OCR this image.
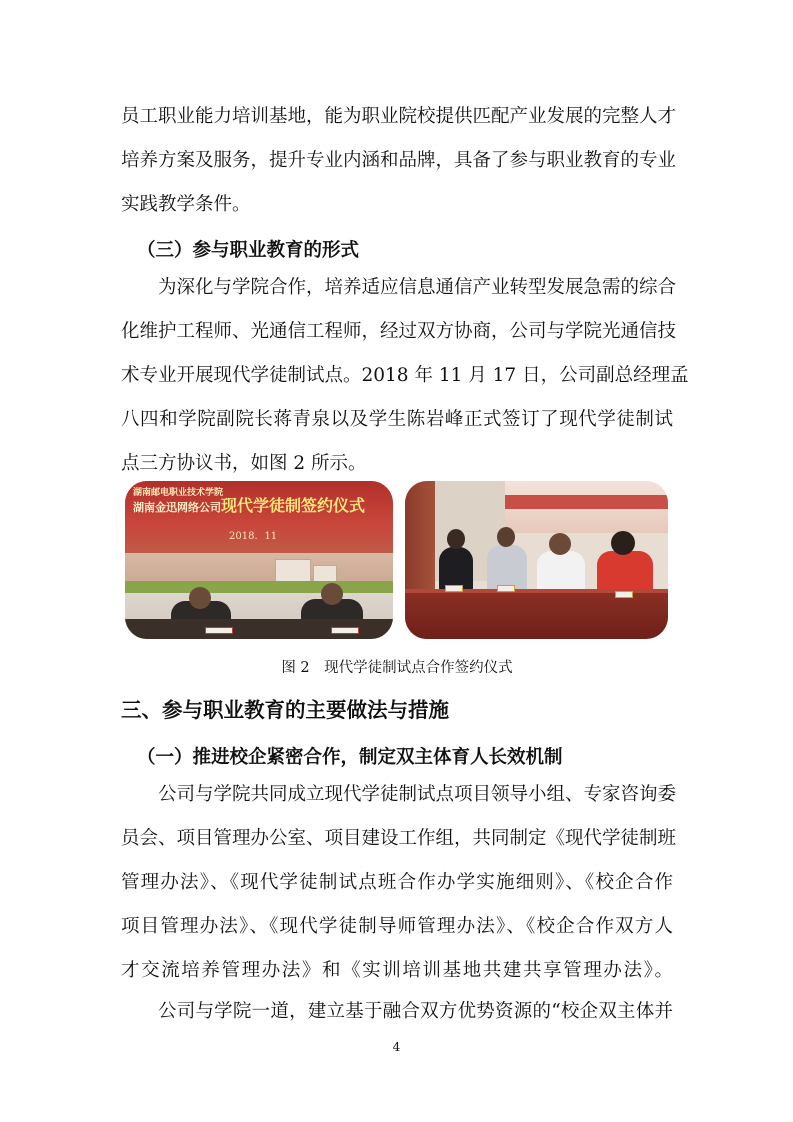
员工职业能力培训基地，能为职业院校提供匹配产业发展的完整人才
培养方案及服务，提升专业内涵和品牌，具备了参与职业教育的专业
实践教学条件。
（三）参与职业教育的形式
为深化与学院合作，培养适应信息通信产业转型发展急需的综合
化维护工程师、光通信工程师，经过双方协商，公司与学院光通信技
术专业开展现代学徒制试点。2018 年 11 月 17 日，公司副总经理孟
八四和学院副院长蒋青泉以及学生陈岩峰正式签订了现代学徒制试
点三方协议书，如图 2 所示。
湖南邮电职业技术学院
湖南金迅网络公司 现代学徒制签约仪式
2018．11
图 2　现代学徒制试点合作签约仪式
三、参与职业教育的主要做法与措施
（一）推进校企紧密合作，制定双主体育人长效机制
公司与学院共同成立现代学徒制试点项目领导小组、专家咨询委
员会、项目管理办公室、项目建设工作组，共同制定《现代学徒制班
管理办法》、《现代学徒制试点班合作办学实施细则》、《校企合作
项目管理办法》、《现代学徒制导师管理办法》、《校企合作双方人
才交流培养管理办法》和《实训培训基地共建共享管理办法》。
公司与学院一道，建立基于融合双方优势资源的“校企双主体并
4
